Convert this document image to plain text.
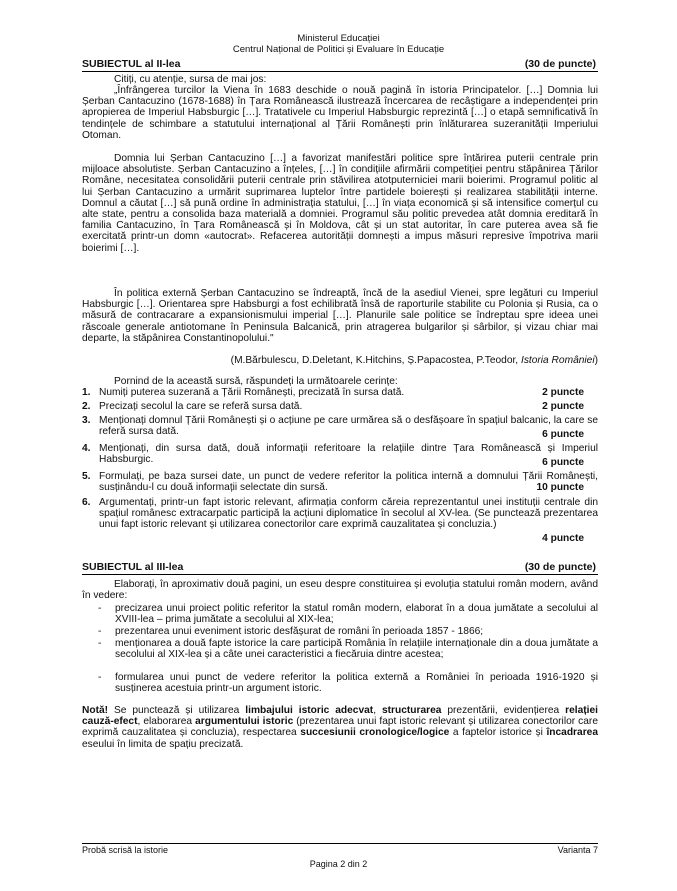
Ministerul Educației
Centrul Național de Politici și Evaluare în Educație
SUBIECTUL al II-lea	(30 de puncte)
Citiți, cu atenție, sursa de mai jos:
„Înfrângerea turcilor la Viena în 1683 deschide o nouă pagină în istoria Principatelor. […] Domnia lui Șerban Cantacuzino (1678-1688) în Țara Românească ilustrează încercarea de recâștigare a independenței prin apropierea de Imperiul Habsburgic […]. Tratativele cu Imperiul Habsburgic reprezintă […] o etapă semnificativă în tendințele de schimbare a statutului internațional al Țării Românești prin înlăturarea suzeranității Imperiului Otoman.
Domnia lui Șerban Cantacuzino […] a favorizat manifestări politice spre întărirea puterii centrale prin mijloace absolutiste. Șerban Cantacuzino a înțeles, […] în condițiile afirmării competiției pentru stăpânirea Țărilor Române, necesitatea consolidării puterii centrale prin stăvilirea atotputerniciei marii boierimi. Programul politic al lui Șerban Cantacuzino a urmărit suprimarea luptelor între partidele boierești și realizarea stabilității interne. Domnul a căutat […] să pună ordine în administrația statului, […] în viața economică și să intensifice comerțul cu alte state, pentru a consolida baza materială a domniei. Programul său politic prevedea atât domnia ereditară în familia Cantacuzino, în Țara Românească și în Moldova, cât și un stat autoritar, în care puterea avea să fie exercitată printr-un domn «autocrat». Refacerea autorității domnești a impus măsuri represive împotriva marii boierimi […].
În politica externă Șerban Cantacuzino se îndreaptă, încă de la asediul Vienei, spre legături cu Imperiul Habsburgic […]. Orientarea spre Habsburgi a fost echilibrată însă de raporturile stabilite cu Polonia și Rusia, ca o măsură de contracarare a expansionismului imperial […]. Planurile sale politice se îndreptau spre ideea unei răscoale generale antiotomane în Peninsula Balcanică, prin atragerea bulgarilor și sârbilor, și vizau chiar mai departe, la stăpânirea Constantinopolului."
(M.Bărbulescu, D.Deletant, K.Hitchins, Ș.Papacostea, P.Teodor, Istoria României)
Pornind de la această sursă, răspundeți la următoarele cerințe:
1. Numiți puterea suzerană a Țării Românești, precizată în sursa dată.	2 puncte
2. Precizați secolul la care se referă sursa dată.	2 puncte
3. Menționați domnul Țării Românești și o acțiune pe care urmărea să o desfășoare în spațiul balcanic, la care se referă sursa dată.	6 puncte
4. Menționați, din sursa dată, două informații referitoare la relațiile dintre Țara Românească și Imperiul Habsburgic.	6 puncte
5. Formulați, pe baza sursei date, un punct de vedere referitor la politica internă a domnului Țării Românești, susținându-l cu două informații selectate din sursă.	10 puncte
6. Argumentați, printr-un fapt istoric relevant, afirmația conform căreia reprezentantul unei instituții centrale din spațiul românesc extracarpatic participă la acțiuni diplomatice în secolul al XV-lea. (Se punctează prezentarea unui fapt istoric relevant și utilizarea conectorilor care exprimă cauzalitatea și concluzia.)
4 puncte
SUBIECTUL al III-lea	(30 de puncte)
Elaborați, în aproximativ două pagini, un eseu despre constituirea și evoluția statului român modern, având în vedere:
- precizarea unui proiect politic referitor la statul român modern, elaborat în a doua jumătate a secolului al XVIII-lea – prima jumătate a secolului al XIX-lea;
- prezentarea unui eveniment istoric desfășurat de români în perioada 1857 - 1866;
- menționarea a două fapte istorice la care participă România în relațiile internaționale din a doua jumătate a secolului al XIX-lea și a câte unei caracteristici a fiecăruia dintre acestea;
- formularea unui punct de vedere referitor la politica externă a României în perioada 1916-1920 și susținerea acestuia printr-un argument istoric.
Notă! Se punctează și utilizarea limbajului istoric adecvat, structurarea prezentării, evidențierea relației cauză-efect, elaborarea argumentului istoric (prezentarea unui fapt istoric relevant și utilizarea conectorilor care exprimă cauzalitatea și concluzia), respectarea succesiunii cronologice/logice a faptelor istorice și încadrarea eseului în limita de spațiu precizată.
Probă scrisă la istorie	Varianta 7
Pagina 2 din 2
